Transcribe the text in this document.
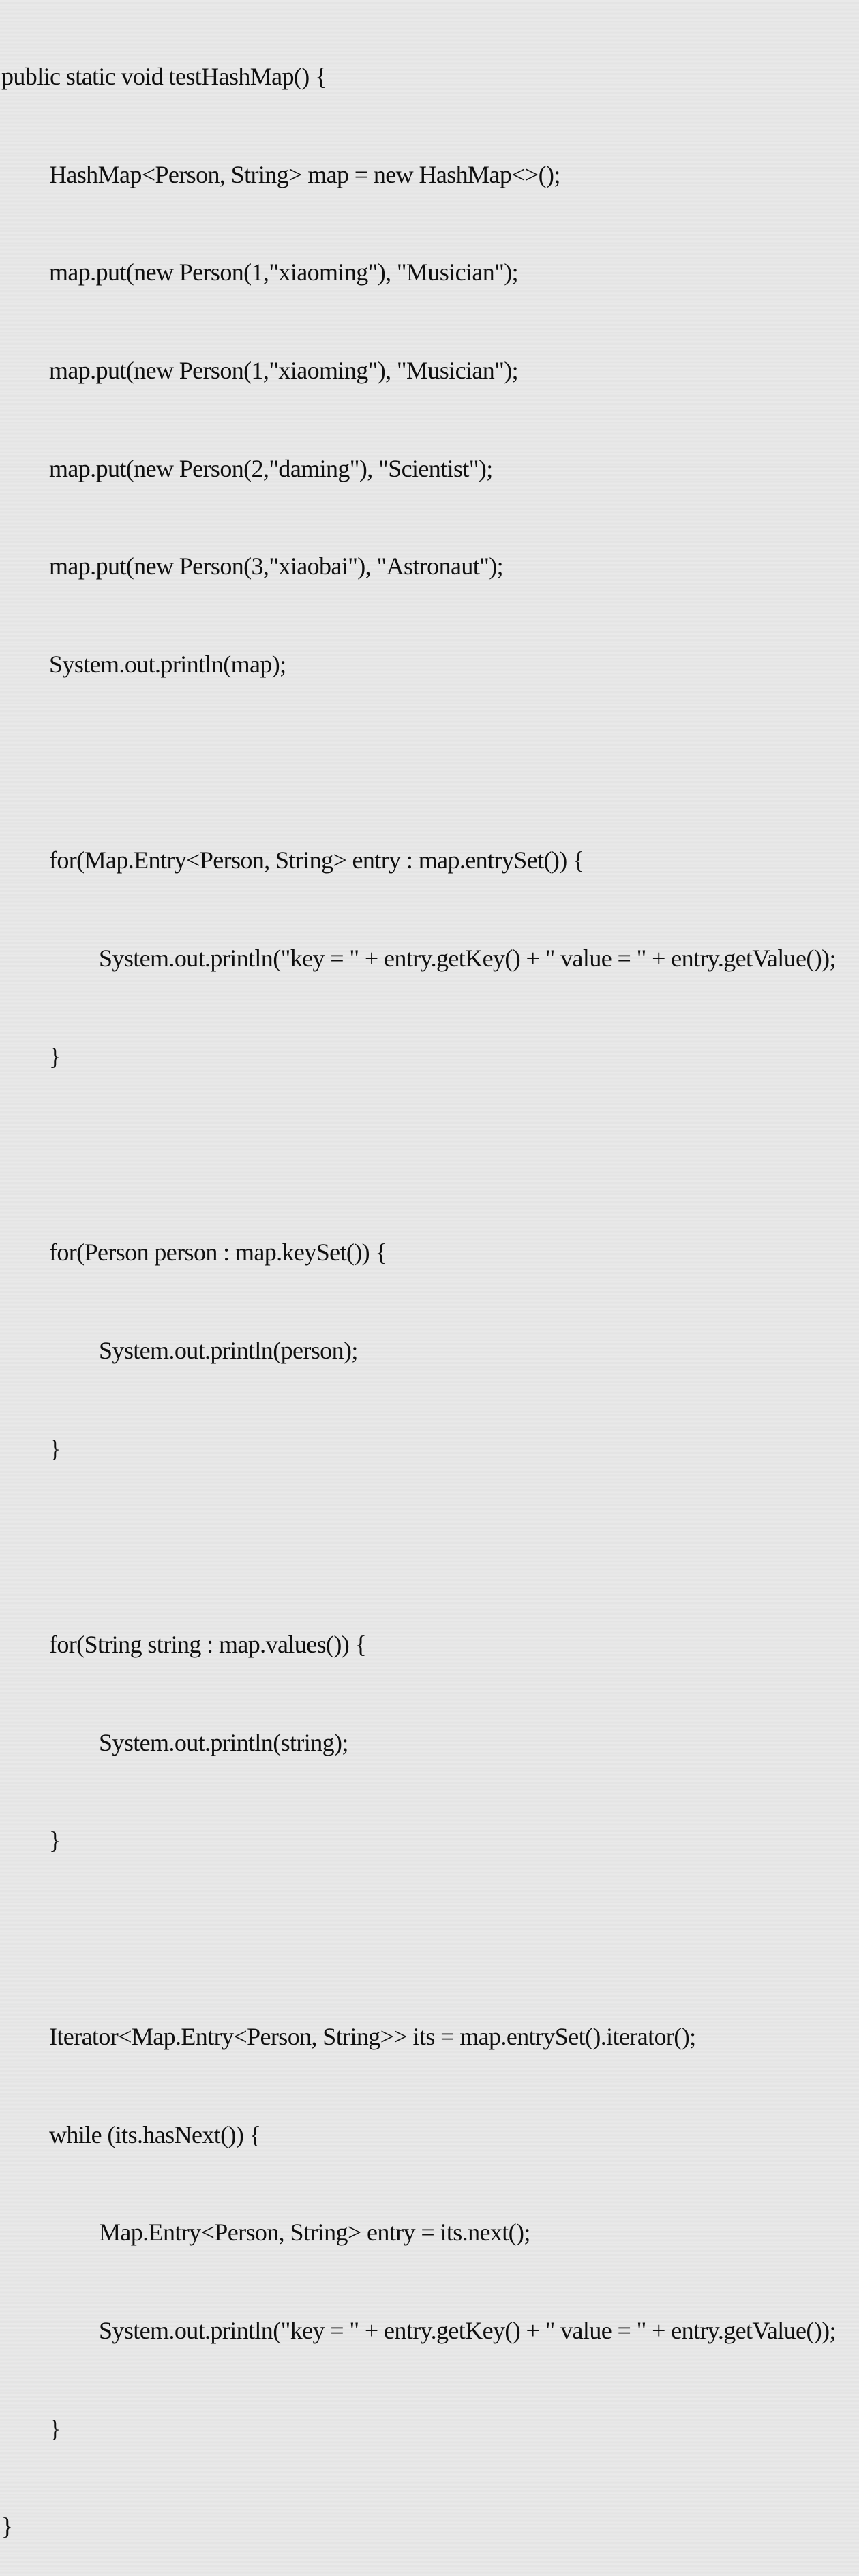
public static void testHashMap() {

HashMap<Person, String> map = new HashMap<>();

map.put(new Person(1,"xiaoming"), "Musician");

map.put(new Person(1,"xiaoming"), "Musician");

map.put(new Person(2,"daming"), "Scientist");

map.put(new Person(3,"xiaobai"), "Astronaut");

System.out.println(map);

for(Map.Entry<Person, String> entry : map.entrySet()) {

System.out.println("key = " + entry.getKey() + " value = " + entry.getValue());

}

for(Person person : map.keySet()) {

System.out.println(person);

}

for(String string : map.values()) {

System.out.println(string);

}

Iterator<Map.Entry<Person, String>> its = map.entrySet().iterator();

while (its.hasNext()) {

Map.Entry<Person, String> entry = its.next();

System.out.println("key = " + entry.getKey() + " value = " + entry.getValue());

}

}
